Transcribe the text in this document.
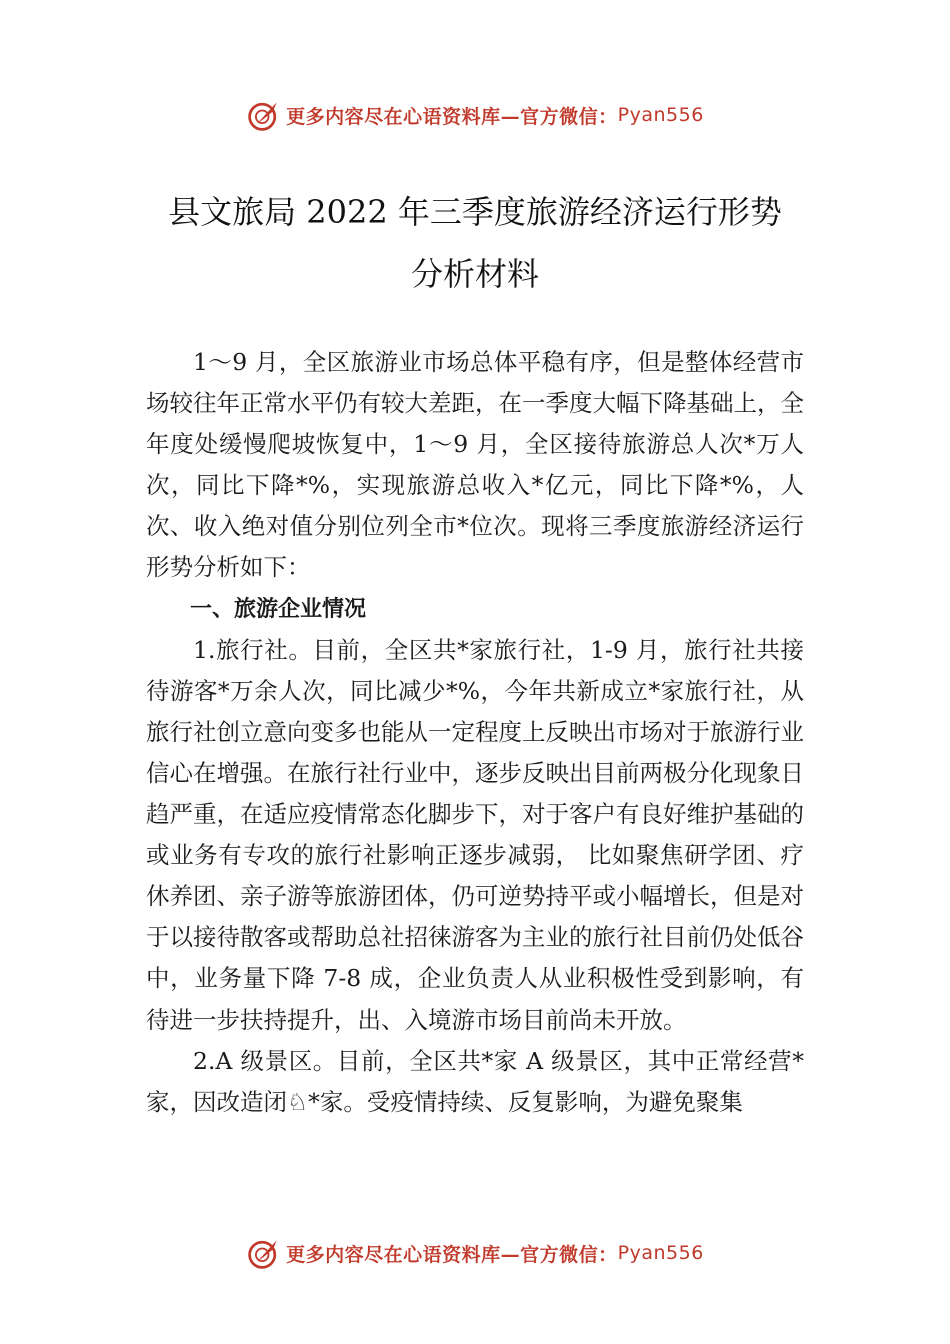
更多内容尽在心语资料库—官方微信： Pyan556
县文旅局 2022 年三季度旅游经济运行形势
分析材料

1～9 月，全区旅游业市场总体平稳有序，但是整体经营市场较往年正常水平仍有较大差距，在一季度大幅下降基础上，全年度处缓慢爬坡恢复中，1～9 月，全区接待旅游总人次*万人次，同比下降*%，实现旅游总收入*亿元，同比下降*%，人次、收入绝对值分别位列全市*位次。现将三季度旅游经济运行形势分析如下：

一、旅游企业情况

1.旅行社。目前，全区共*家旅行社，1-9 月，旅行社共接待游客*万余人次，同比减少*%，今年共新成立*家旅行社，从旅行社创立意向变多也能从一定程度上反映出市场对于旅游行业信心在增强。在旅行社行业中，逐步反映出目前两极分化现象日趋严重，在适应疫情常态化脚步下，对于客户有良好维护基础的或业务有专攻的旅行社影响正逐步减弱， 比如聚焦研学团、疗休养团、亲子游等旅游团体，仍可逆势持平或小幅增长，但是对于以接待散客或帮助总社招徕游客为主业的旅行社目前仍处低谷中，业务量下降 7-8 成，企业负责人从业积极性受到影响，有待进一步扶持提升，出、入境游市场目前尚未开放。

2.A 级景区。目前，全区共*家 A 级景区，其中正常经营*家，因改造闭♘*家。受疫情持续、反复影响，为避免聚集

更多内容尽在心语资料库—官方微信： Pyan556
